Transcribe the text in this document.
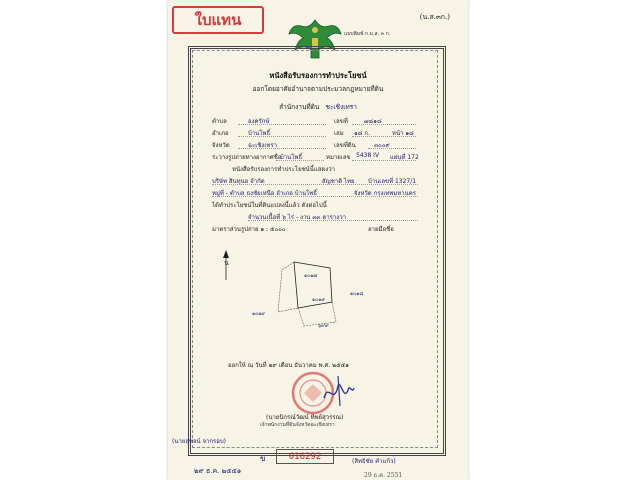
ใบแทน	(น.ส.๓ก.)
แบบพิมพ์ ก.ม.ส. ๓ ก.
หนังสือรับรองการทำประโยชน์
ออกโดยอาศัยอำนาจตามประมวลกฎหมายที่ดิน
สำนักงานที่ดิน ชะเชิงเทรา
ตำบล	องครักษ์	เลขที่	๗๘๑๘
อำเภอ	บ้านโพธิ์	เล่ม ๑๘ ก.	หน้า ๑๘
จังหวัด	ฉะเชิงเทรา	เลขที่ดิน	๓๐๐๙
ระวางรูปถ่ายทางอากาศชื่อ
บ้านโพธิ์	หมายเลข 5438 IV แผ่นที่ 172
หนังสือรับรองการทำประโยชน์นี้แสดงว่า
บริษัท สินทุนอ จำกัด	สัญชาติ ไทย บ้านเลขที่ 1327/1
หมู่ที่ - ตำบล ธงชัยเหนือ อำเภอ บ้านโพธิ์	จังหวัด กรุงเทพมหานคร
ได้ทำประโยชน์ในที่ดินแปลงนี้แล้ว ดังต่อไปนี้
จำนวนเนื้อที่ ๖ ไร่ - งาน ๓๓ ตารางวา
มาตราส่วนรูปถ่าย ๑ : ๕๐๐๐	ลายมือชื่อ
น
๑๐๑๗
๑๐๑๙
๑๐๑๙
๑๐๑๘
๖๙๙
ออกให้ ณ วันที่ ๒๙ เดือน ธันวาคม พ.ศ. ๒๕๕๑
(นายนิกรณ์วัฒน์ ทิพย์สุวรรณ)
เจ้าพนักงานที่ดินจังหวัดฉะเชิงเทรา
(นายสุพจน์ จากรอบ)
๒๙ ธ.ค. ๒๕๕๑
ข	016292	(สิทธิชัย คำแก้ว)
29 ธ.ค. 2551
